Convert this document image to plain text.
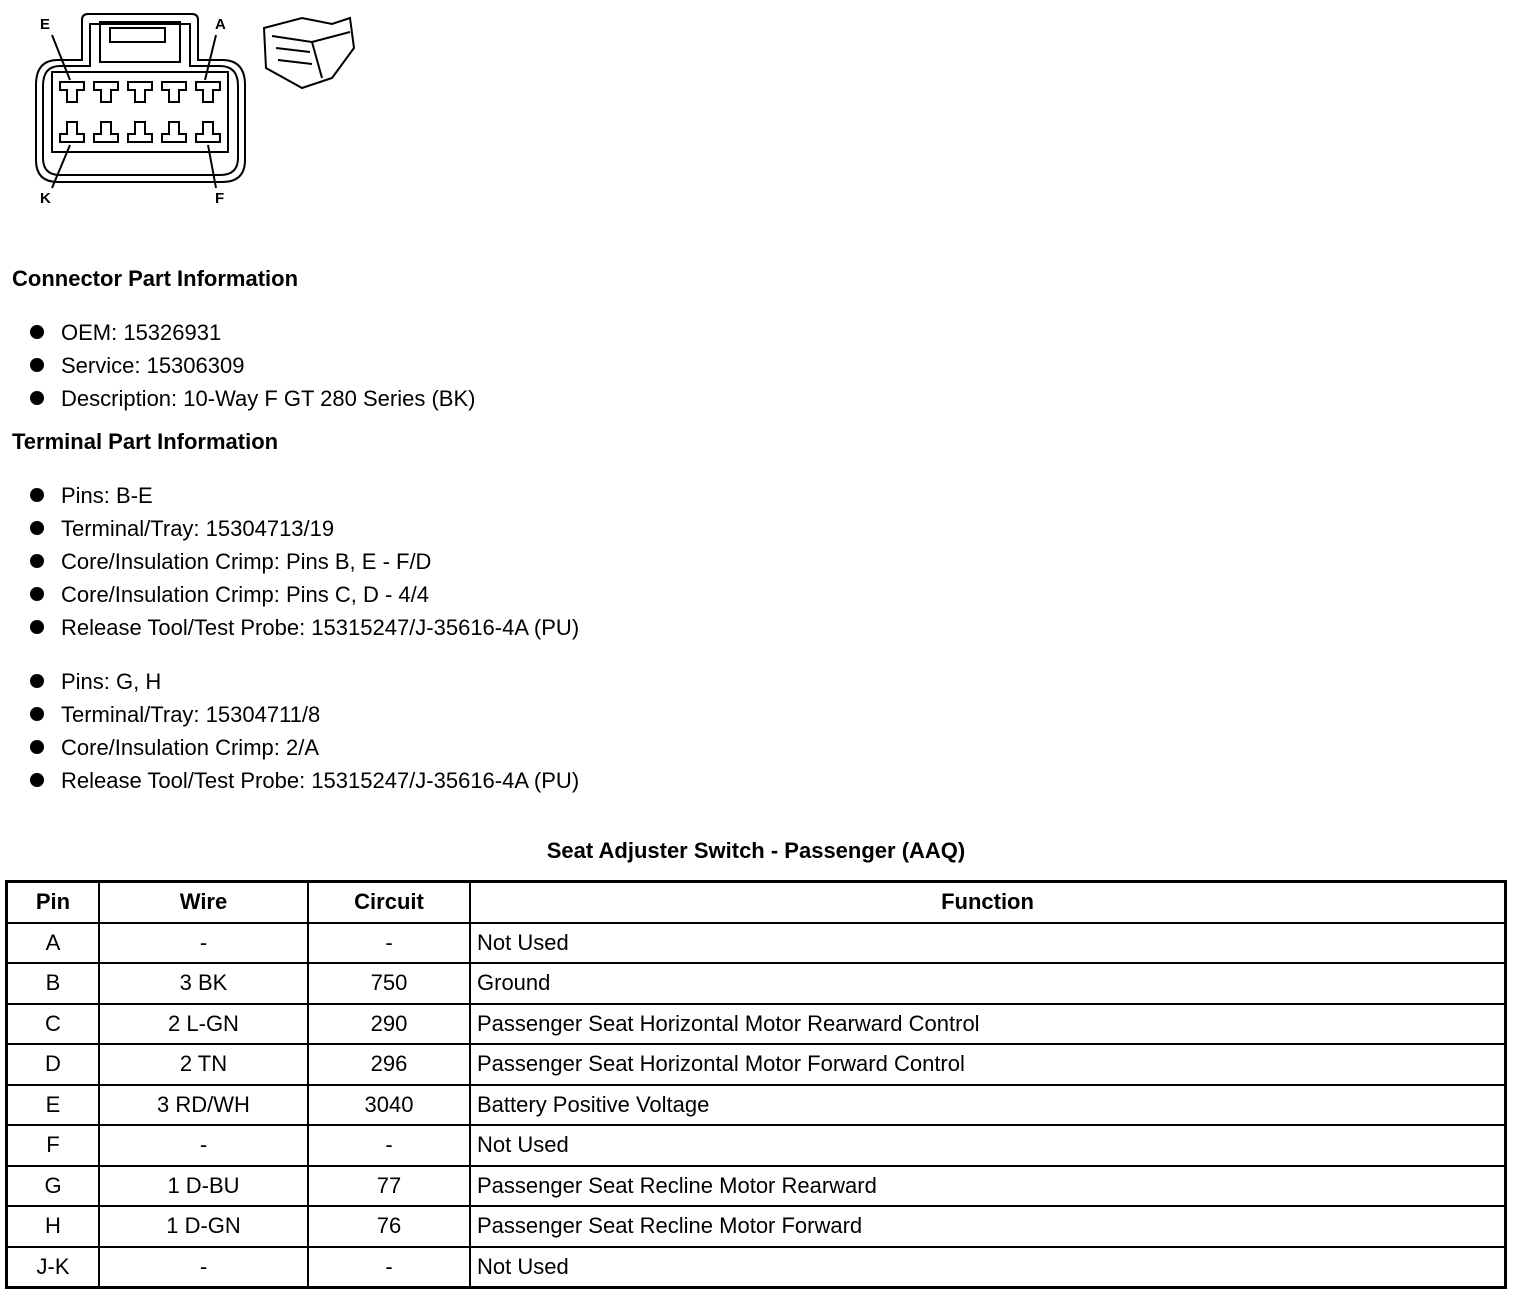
E	A
K	F
Connector Part Information
OEM: 15326931
Service: 15306309
Description: 10-Way F GT 280 Series (BK)
Terminal Part Information
Pins: B-E
Terminal/Tray: 15304713/19
Core/Insulation Crimp: Pins B, E - F/D
Core/Insulation Crimp: Pins C, D - 4/4
Release Tool/Test Probe: 15315247/J-35616-4A (PU)
Pins: G, H
Terminal/Tray: 15304711/8
Core/Insulation Crimp: 2/A
Release Tool/Test Probe: 15315247/J-35616-4A (PU)
Seat Adjuster Switch - Passenger (AAQ)
Pin	Wire	Circuit	Function
A	-	-	Not Used
B	3 BK	750	Ground
C	2 L-GN	290	Passenger Seat Horizontal Motor Rearward Control
D	2 TN	296	Passenger Seat Horizontal Motor Forward Control
E	3 RD/WH	3040	Battery Positive Voltage
F	-	-	Not Used
G	1 D-BU	77	Passenger Seat Recline Motor Rearward
H	1 D-GN	76	Passenger Seat Recline Motor Forward
J-K	-	-	Not Used
